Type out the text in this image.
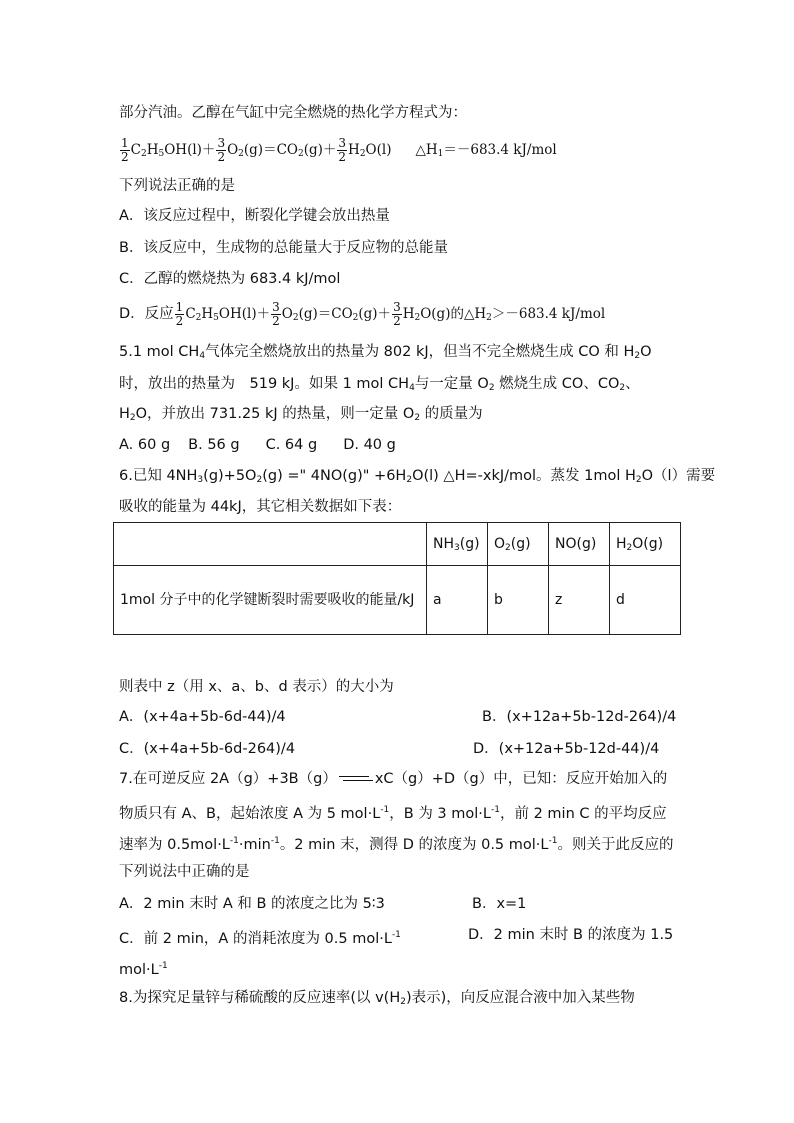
部分汽油。乙醇在气缸中完全燃烧的热化学方程式为：
$\frac{1}{2} C_2H_5OH(l)+ \frac{3}{2} O_2(g)=CO_2(g)+ \frac{3}{2} H_2O(l)$ $\triangle H_1=-683.4$ kJ/mol
下列说法正确的是
A．该反应过程中，断裂化学键会放出热量
B．该反应中，生成物的总能量大于反应物的总能量
C．乙醇的燃烧热为 683.4 kJ/mol
D．反应 $\frac{1}{2} C_2H_5OH(l)+ \frac{3}{2} O_2(g)=CO_2(g)+ \frac{3}{2} H_2O(g)$的$\triangle H_2>-683.4$ kJ/mol
5.1 mol $CH_4$气体完全燃烧放出的热量为 802 kJ，但当不完全燃烧生成 CO 和 $H_2O$
时，放出的热量为　519 kJ。如果 1 mol $CH_4$与一定量 $O_2$ 燃烧生成 CO、$CO_2$、
$H_2O$，并放出 731.25 kJ 的热量，则一定量 $O_2$ 的质量为
A. 60 g B. 56 g C. 64 g D. 40 g
6.已知 $4NH_3(g)+5O_2(g)$ =" 4NO(g)" $+6H_2O(l)$ △H=-xkJ/mol。蒸发 1mol $H_2O(l)$需要
吸收的能量为 44kJ，其它相关数据如下表：
	$NH_3(g)$	$O_2(g)$	NO(g)	$H_2O(g)$
1mol 分子中的化学键断裂时需要吸收的能量/kJ	a	b	z	d
则表中 z（用 x、a、b、d 表示）的大小为
A．(x+4a+5b-6d-44)/4	B．(x+12a+5b-12d-264)/4
C．(x+4a+5b-6d-264)/4	D．(x+12a+5b-12d-44)/4
7.在可逆反应 2A（g）+3B（g）	xC（g）+D（g）中，已知：反应开始加入的
物质只有 A、B，起始浓度 A 为 5 $mol\cdot L^{-1}$，B 为 3 $mol\cdot L^{-1}$，前 2 min C 的平均反应
速率为 $0.5mol\cdot L^{-1}\cdot\min^{-1}$。2 min 末，测得 D 的浓度为 0.5 $mol\cdot L^{-1}$。则关于此反应的
下列说法中正确的是
A．2 min 末时 A 和 B 的浓度之比为 5∶3	B．x=1
C．前 2 min，A 的消耗浓度为 0.5 $mol\cdot L^{-1}$	D．2 min 末时 B 的浓度为 1.5
$mol\cdot L^{-1}$
8.为探究足量锌与稀硫酸的反应速率(以 $v(H_2)$表示)，向反应混合液中加入某些物
